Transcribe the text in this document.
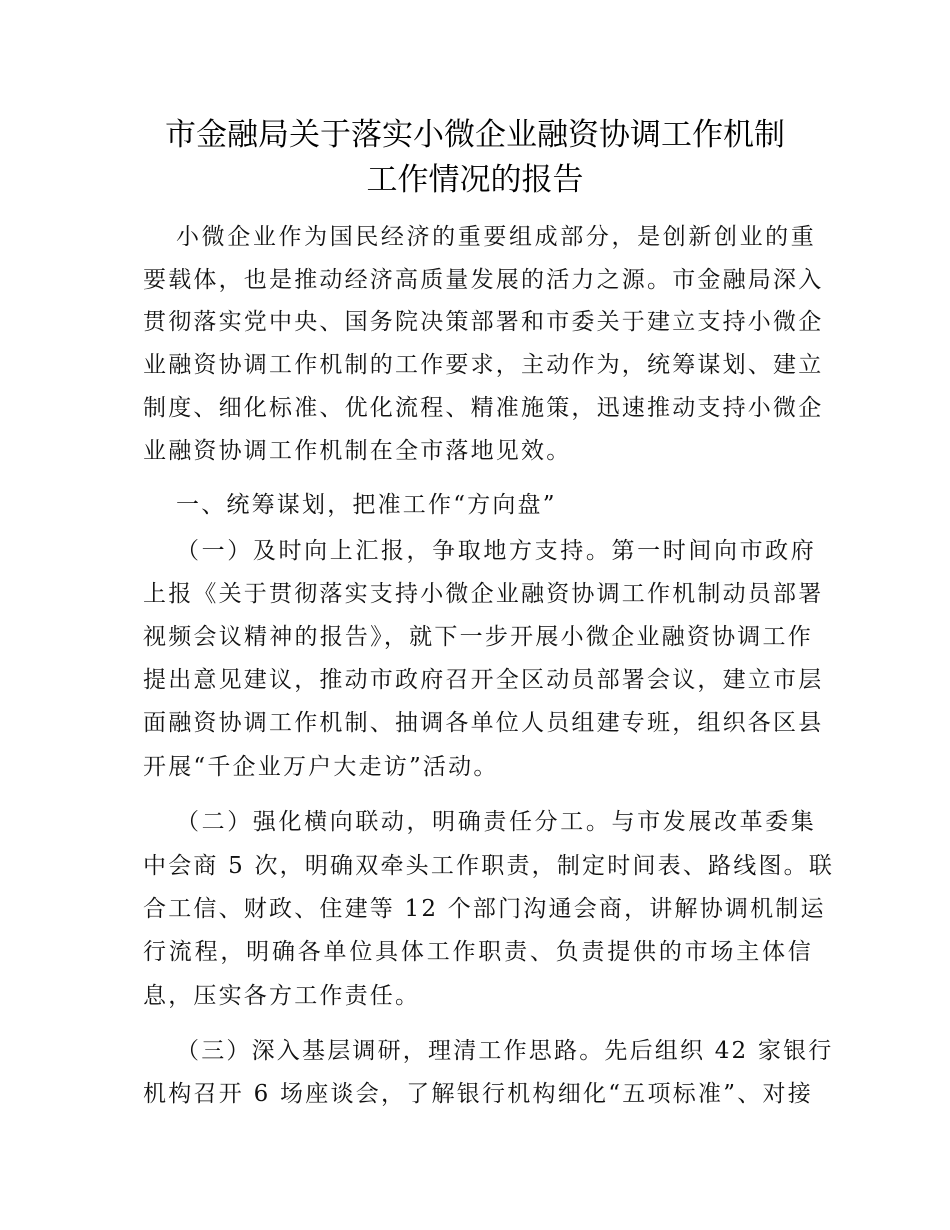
市金融局关于落实小微企业融资协调工作机制
工作情况的报告
小微企业作为国民经济的重要组成部分，是创新创业的重
要载体，也是推动经济高质量发展的活力之源。市金融局深入
贯彻落实党中央、国务院决策部署和市委关于建立支持小微企
业融资协调工作机制的工作要求，主动作为，统筹谋划、建立
制度、细化标准、优化流程、精准施策，迅速推动支持小微企
业融资协调工作机制在全市落地见效。
一、统筹谋划，把准工作“方向盘”
（一）及时向上汇报，争取地方支持。第一时间向市政府
上报《关于贯彻落实支持小微企业融资协调工作机制动员部署
视频会议精神的报告》，就下一步开展小微企业融资协调工作
提出意见建议，推动市政府召开全区动员部署会议，建立市层
面融资协调工作机制、抽调各单位人员组建专班，组织各区县
开展“千企业万户大走访”活动。
（二）强化横向联动，明确责任分工。与市发展改革委集
中会商 5 次，明确双牵头工作职责，制定时间表、路线图。联
合工信、财政、住建等 12 个部门沟通会商，讲解协调机制运
行流程，明确各单位具体工作职责、负责提供的市场主体信
息，压实各方工作责任。
（三）深入基层调研，理清工作思路。先后组织 42 家银行
机构召开 6 场座谈会，了解银行机构细化“五项标准”、对接
